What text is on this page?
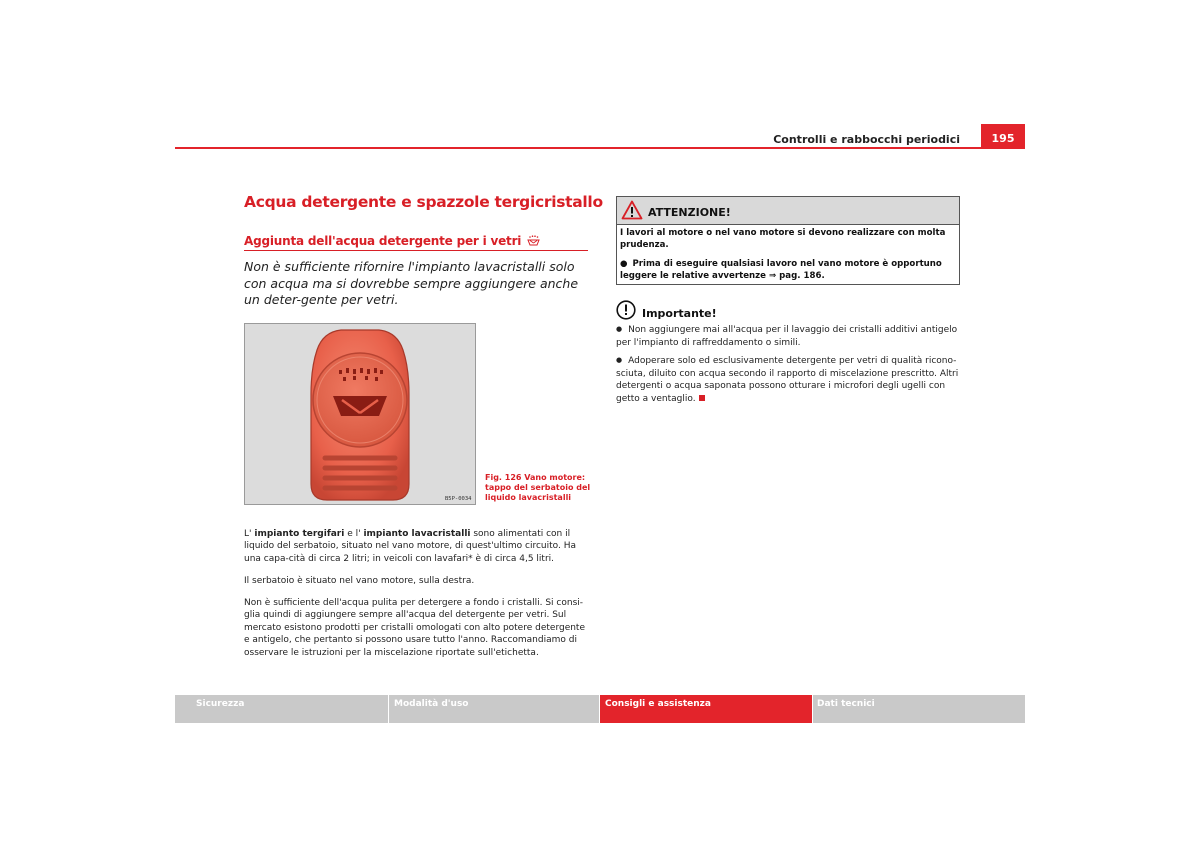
Controlli e rabbocchi periodici	195
Acqua detergente e spazzole tergicristallo
Aggiunta dell'acqua detergente per i vetri
Non è sufficiente rifornire l'impianto lavacristalli solo con acqua ma si dovrebbe sempre aggiungere anche un deter-gente per vetri.
B5P-0034
Fig. 126 Vano motore: tappo del serbatoio del liquido lavacristalli
L' impianto tergifari e l' impianto lavacristalli sono alimentati con il liquido del serbatoio, situato nel vano motore, di quest'ultimo circuito. Ha una capa-cità di circa 2 litri; in veicoli con lavafari* è di circa 4,5 litri.
Il serbatoio è situato nel vano motore, sulla destra.
Non è sufficiente dell'acqua pulita per detergere a fondo i cristalli. Si consi-glia quindi di aggiungere sempre all'acqua del detergente per vetri. Sul mercato esistono prodotti per cristalli omologati con alto potere detergente e antigelo, che pertanto si possono usare tutto l'anno. Raccomandiamo di osservare le istruzioni per la miscelazione riportate sull'etichetta.
ATTENZIONE!
I lavori al motore o nel vano motore si devono realizzare con molta prudenza.
● Prima di eseguire qualsiasi lavoro nel vano motore è opportuno leggere le relative avvertenze ⇒ pag. 186.
Importante!
● Non aggiungere mai all'acqua per il lavaggio dei cristalli additivi antigelo per l'impianto di raffreddamento o simili.
● Adoperare solo ed esclusivamente detergente per vetri di qualità ricono-sciuta, diluito con acqua secondo il rapporto di miscelazione prescritto. Altri detergenti o acqua saponata possono otturare i microfori degli ugelli con getto a ventaglio.
Sicurezza	Modalità d'uso	Consigli e assistenza	Dati tecnici
